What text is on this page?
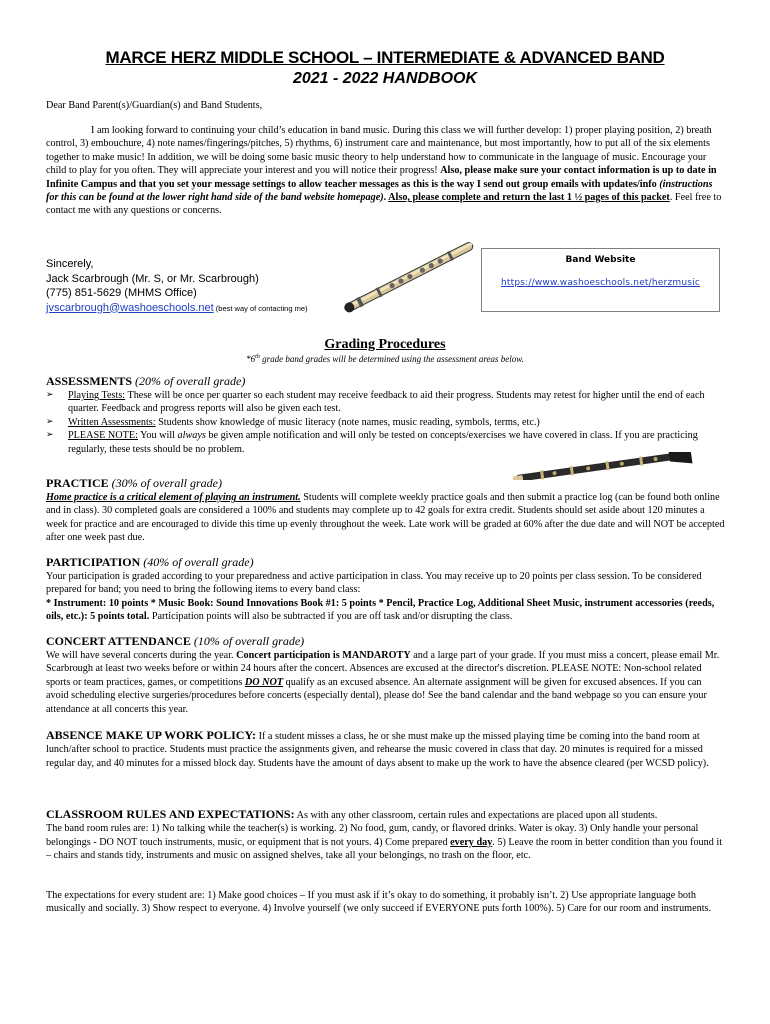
MARCE HERZ MIDDLE SCHOOL – INTERMEDIATE & ADVANCED BAND
2021 - 2022 HANDBOOK
Dear Band Parent(s)/Guardian(s) and Band Students,
I am looking forward to continuing your child’s education in band music. During this class we will further develop: 1) proper playing position, 2) breath control, 3) embouchure, 4) note names/fingerings/pitches, 5) rhythms, 6) instrument care and maintenance, but most importantly, how to put all of the six elements together to make music! In addition, we will be doing some basic music theory to help understand how to communicate in the language of music. Encourage your child to play for you often. They will appreciate your interest and you will notice their progress! Also, please make sure your contact information is up to date in Infinite Campus and that you set your message settings to allow teacher messages as this is the way I send out group emails with updates/info (instructions for this can be found at the lower right hand side of the band website homepage). Also, please complete and return the last 1 ½ pages of this packet. Feel free to contact me with any questions or concerns.
Sincerely,
Jack Scarbrough (Mr. S, or Mr. Scarbrough)
(775) 851-5629 (MHMS Office)
jvscarbrough@washoeschools.net (best way of contacting me)
Band Website
https://www.washoeschools.net/herzmusic
Grading Procedures
*6th grade band grades will be determined using the assessment areas below.
ASSESSMENTS (20% of overall grade)
➢ Playing Tests: These will be once per quarter so each student may receive feedback to aid their progress. Students may retest for higher until the end of each quarter. Feedback and progress reports will also be given each test.
➢ Written Assessments: Students show knowledge of music literacy (note names, music reading, symbols, terms, etc.)
➢ PLEASE NOTE: You will always be given ample notification and will only be tested on concepts/exercises we have covered in class. If you are practicing regularly, these tests should be no problem.
PRACTICE (30% of overall grade)
Home practice is a critical element of playing an instrument. Students will complete weekly practice goals and then submit a practice log (can be found both online and in class). 30 completed goals are considered a 100% and students may complete up to 42 goals for extra credit. Students should set aside about 120 minutes a week for practice and are encouraged to divide this time up evenly throughout the week. Late work will be graded at 60% after the due date and will NOT be accepted after one week past due.
PARTICIPATION (40% of overall grade)
Your participation is graded according to your preparedness and active participation in class. You may receive up to 20 points per class session. To be considered prepared for band; you need to bring the following items to every band class:
* Instrument: 10 points * Music Book: Sound Innovations Book #1: 5 points * Pencil, Practice Log, Additional Sheet Music, instrument accessories (reeds, oils, etc.): 5 points total. Participation points will also be subtracted if you are off task and/or disrupting the class.
CONCERT ATTENDANCE (10% of overall grade)
We will have several concerts during the year. Concert participation is MANDAROTY and a large part of your grade. If you must miss a concert, please email Mr. Scarbrough at least two weeks before or within 24 hours after the concert. Absences are excused at the director's discretion. PLEASE NOTE: Non-school related sports or team practices, games, or competitions DO NOT qualify as an excused absence. An alternate assignment will be given for excused absences. If you can avoid scheduling elective surgeries/procedures before concerts (especially dental), please do! See the band calendar and the band webpage so you can ensure your attendance at all concerts this year.
ABSENCE MAKE UP WORK POLICY: If a student misses a class, he or she must make up the missed playing time be coming into the band room at lunch/after school to practice. Students must practice the assignments given, and rehearse the music covered in class that day. 20 minutes is required for a missed regular day, and 40 minutes for a missed block day. Students have the amount of days absent to make up the work to have the absence cleared (per WCSD policy).
CLASSROOM RULES AND EXPECTATIONS: As with any other classroom, certain rules and expectations are placed upon all students.
The band room rules are: 1) No talking while the teacher(s) is working. 2) No food, gum, candy, or flavored drinks. Water is okay. 3) Only handle your personal belongings - DO NOT touch instruments, music, or equipment that is not yours. 4) Come prepared every day. 5) Leave the room in better condition than you found it – chairs and stands tidy, instruments and music on assigned shelves, take all your belongings, no trash on the floor, etc.
The expectations for every student are: 1) Make good choices – If you must ask if it’s okay to do something, it probably isn’t. 2) Use appropriate language both musically and socially. 3) Show respect to everyone. 4) Involve yourself (we only succeed if EVERYONE puts forth 100%). 5) Care for our room and instruments.
